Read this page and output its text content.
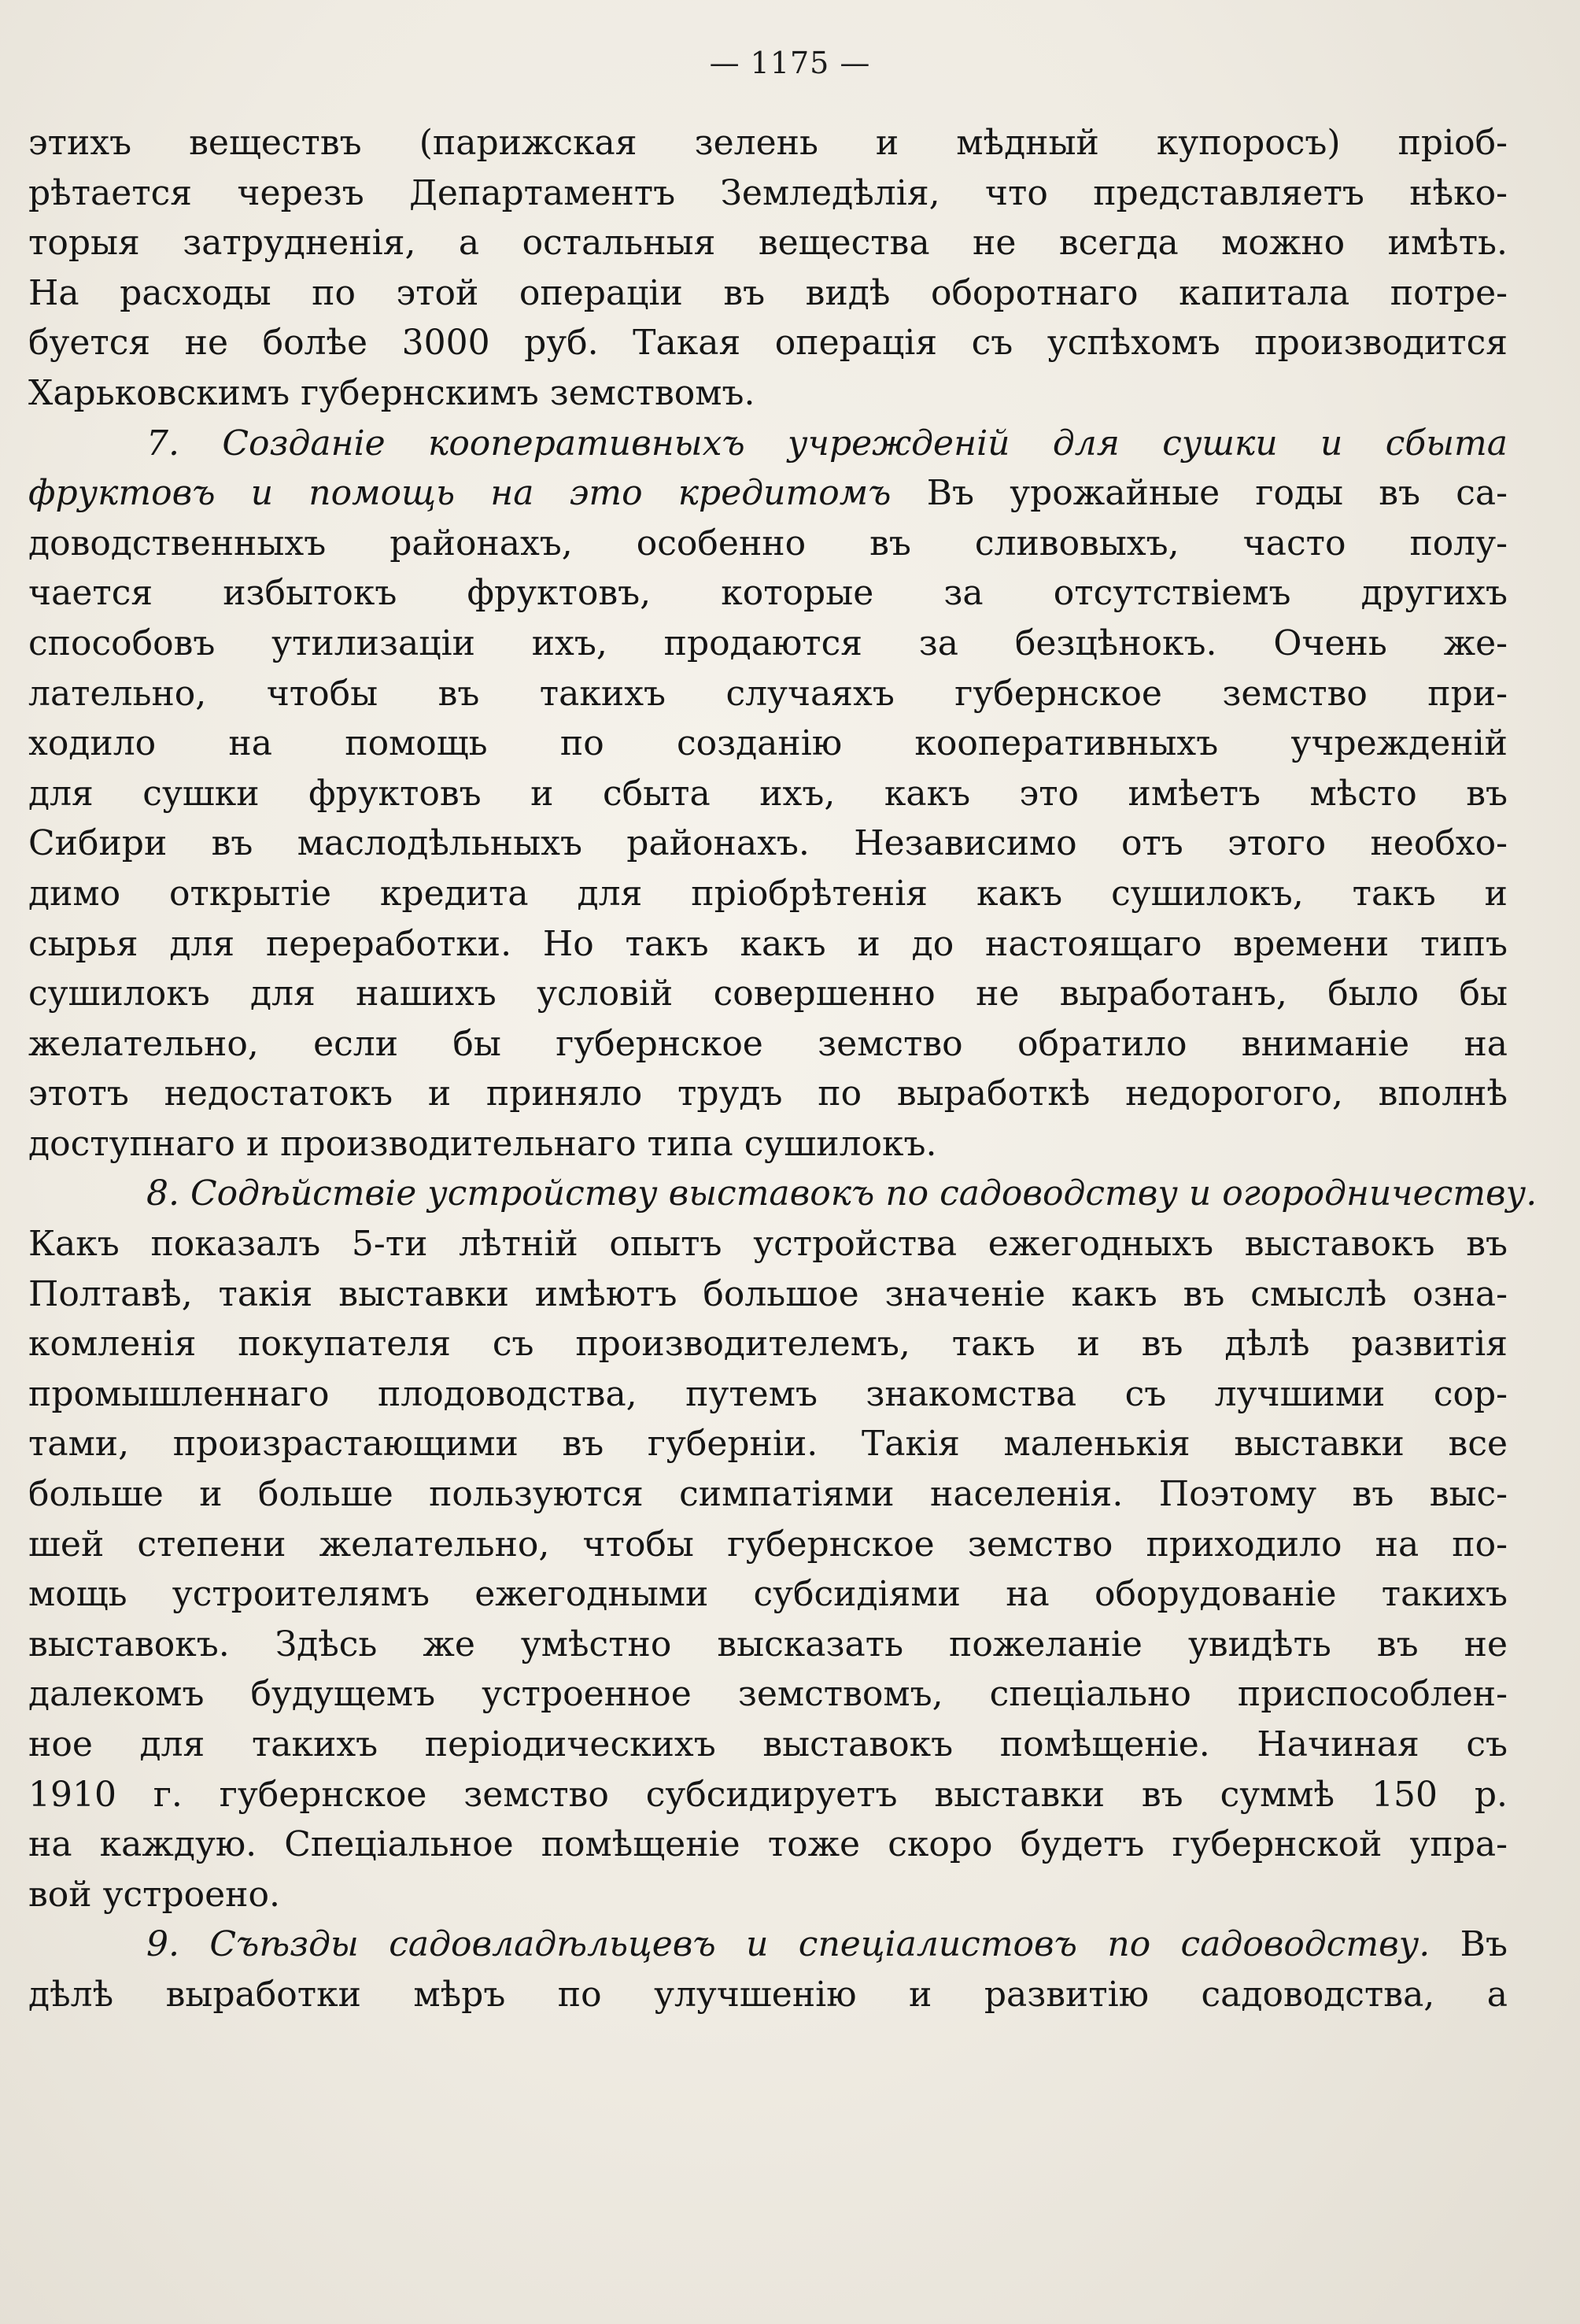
— 1175 —
этихъ веществъ (парижская зелень и мѣдный купоросъ) пріоб-
рѣтается черезъ Департаментъ Земледѣлія, что представляетъ нѣко-
торыя затрудненія, а остальныя вещества не всегда можно имѣть.
На расходы по этой операціи въ видѣ оборотнаго капитала потре-
буется не болѣе 3000 руб. Такая операція съ успѣхомъ производится
Харьковскимъ губернскимъ земствомъ.
7. Созданіе кооперативныхъ учрежденій для сушки и сбыта
фруктовъ и помощь на это кредитомъ Въ урожайные годы въ са-
доводственныхъ районахъ, особенно въ сливовыхъ, часто полу-
чается избытокъ фруктовъ, которые за отсутствіемъ другихъ
способовъ утилизаціи ихъ, продаются за безцѣнокъ. Очень же-
лательно, чтобы въ такихъ случаяхъ губернское земство при-
ходило на помощь по созданію кооперативныхъ учрежденій
для сушки фруктовъ и сбыта ихъ, какъ это имѣетъ мѣсто въ
Сибири въ маслодѣльныхъ районахъ. Независимо отъ этого необхо-
димо открытіе кредита для пріобрѣтенія какъ сушилокъ, такъ и
сырья для переработки. Но такъ какъ и до настоящаго времени типъ
сушилокъ для нашихъ условій совершенно не выработанъ, было бы
желательно, если бы губернское земство обратило вниманіе на
этотъ недостатокъ и приняло трудъ по выработкѣ недорогого, вполнѣ
доступнаго и производительнаго типа сушилокъ.
8. Содѣйствіе устройству выставокъ по садоводству и огородничеству.
Какъ показалъ 5-ти лѣтній опытъ устройства ежегодныхъ выставокъ въ
Полтавѣ, такія выставки имѣютъ большое значеніе какъ въ смыслѣ озна-
комленія покупателя съ производителемъ, такъ и въ дѣлѣ развитія
промышленнаго плодоводства, путемъ знакомства съ лучшими сор-
тами, произрастающими въ губерніи. Такія маленькія выставки все
больше и больше пользуются симпатіями населенія. Поэтому въ выс-
шей степени желательно, чтобы губернское земство приходило на по-
мощь устроителямъ ежегодными субсидіями на оборудованіе такихъ
выставокъ. Здѣсь же умѣстно высказать пожеланіе увидѣть въ не
далекомъ будущемъ устроенное земствомъ, спеціально приспособлен-
ное для такихъ періодическихъ выставокъ помѣщеніе. Начиная съ
1910 г. губернское земство субсидируетъ выставки въ суммѣ 150 р.
на каждую. Спеціальное помѣщеніе тоже скоро будетъ губернской упра-
вой устроено.
9. Съѣзды садовладѣльцевъ и спеціалистовъ по садоводству. Въ
дѣлѣ выработки мѣръ по улучшенію и развитію садоводства, а
